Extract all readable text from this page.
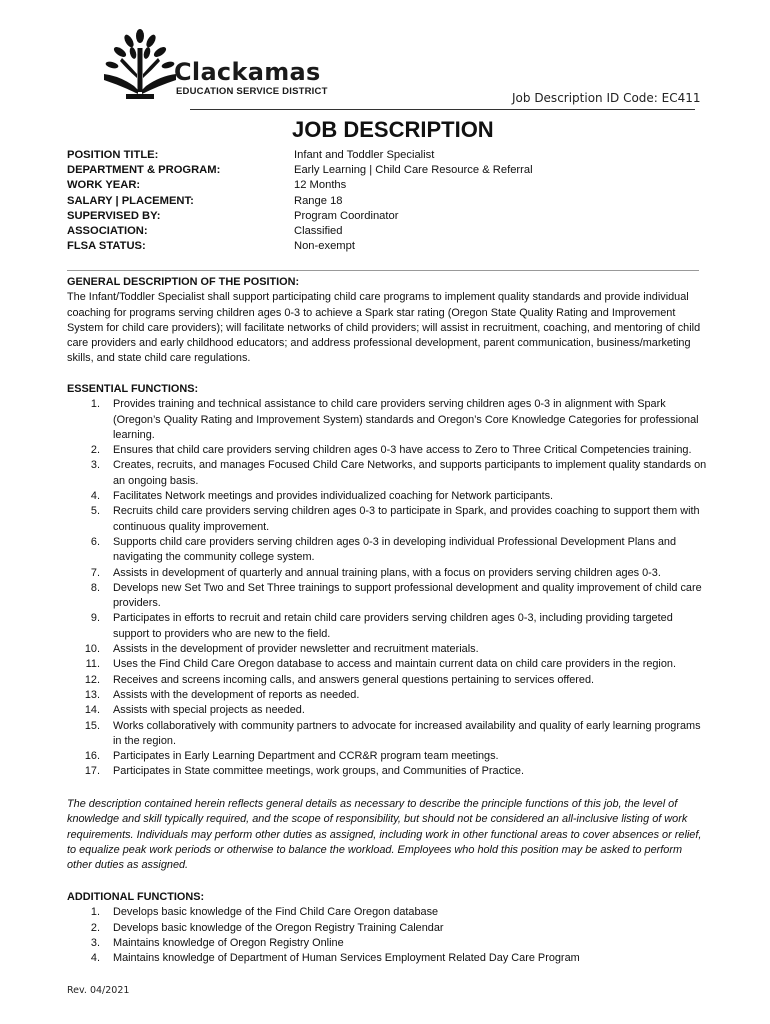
Clackamas
EDUCATION SERVICE DISTRICT	Job Description ID Code: EC411
JOB DESCRIPTION
POSITION TITLE:	Infant and Toddler Specialist
DEPARTMENT & PROGRAM:	Early Learning | Child Care Resource & Referral
WORK YEAR:	12 Months
SALARY | PLACEMENT:	Range 18
SUPERVISED BY:	Program Coordinator
ASSOCIATION:	Classified
FLSA STATUS:	Non-exempt
GENERAL DESCRIPTION OF THE POSITION:

The Infant/Toddler Specialist shall support participating child care programs to implement quality standards and provide individual coaching for programs serving children ages 0-3 to achieve a Spark star rating (Oregon State Quality Rating and Improvement System for child care providers); will facilitate networks of child providers; will assist in recruitment, coaching, and mentoring of child care providers and early childhood educators; and address professional development, parent communication, business/marketing skills, and state child care regulations.

ESSENTIAL FUNCTIONS:
1. Provides training and technical assistance to child care providers serving children ages 0-3 in alignment with Spark (Oregon’s Quality Rating and Improvement System) standards and Oregon’s Core Knowledge Categories for professional learning.
2. Ensures that child care providers serving children ages 0-3 have access to Zero to Three Critical Competencies training.
3. Creates, recruits, and manages Focused Child Care Networks, and supports participants to implement quality standards on an ongoing basis.
4. Facilitates Network meetings and provides individualized coaching for Network participants.
5. Recruits child care providers serving children ages 0-3 to participate in Spark, and provides coaching to support them with continuous quality improvement.
6. Supports child care providers serving children ages 0-3 in developing individual Professional Development Plans and navigating the community college system.
7. Assists in development of quarterly and annual training plans, with a focus on providers serving children ages 0-3.
8. Develops new Set Two and Set Three trainings to support professional development and quality improvement of child care providers.
9. Participates in efforts to recruit and retain child care providers serving children ages 0-3, including providing targeted support to providers who are new to the field.
10. Assists in the development of provider newsletter and recruitment materials.
11. Uses the Find Child Care Oregon database to access and maintain current data on child care providers in the region.
12. Receives and screens incoming calls, and answers general questions pertaining to services offered.
13. Assists with the development of reports as needed.
14. Assists with special projects as needed.
15. Works collaboratively with community partners to advocate for increased availability and quality of early learning programs in the region.
16. Participates in Early Learning Department and CCR&R program team meetings.
17. Participates in State committee meetings, work groups, and Communities of Practice.

The description contained herein reflects general details as necessary to describe the principle functions of this job, the level of knowledge and skill typically required, and the scope of responsibility, but should not be considered an all-inclusive listing of work requirements. Individuals may perform other duties as assigned, including work in other functional areas to cover absences or relief, to equalize peak work periods or otherwise to balance the workload. Employees who hold this position may be asked to perform other duties as assigned.

ADDITIONAL FUNCTIONS:
1. Develops basic knowledge of the Find Child Care Oregon database
2. Develops basic knowledge of the Oregon Registry Training Calendar
3. Maintains knowledge of Oregon Registry Online
4. Maintains knowledge of Department of Human Services Employment Related Day Care Program
Rev. 04/2021
